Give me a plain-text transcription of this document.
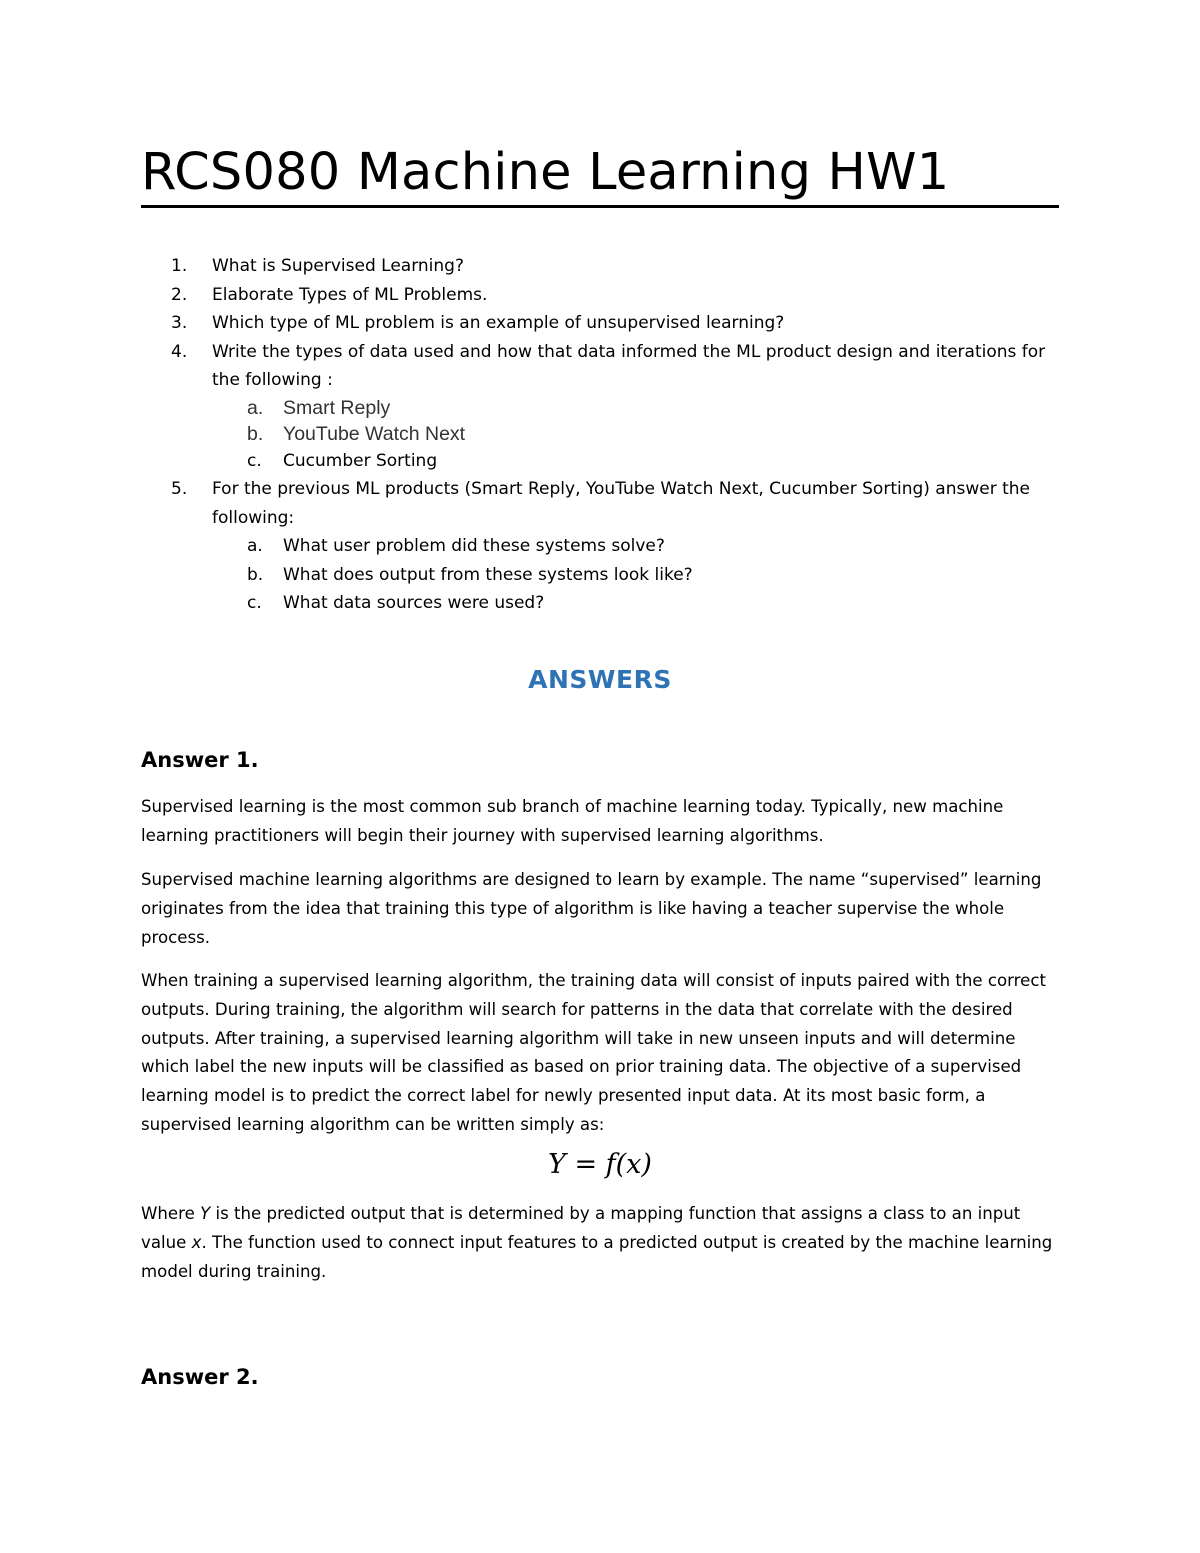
RCS080 Machine Learning HW1
1.	What is Supervised Learning?
2.	Elaborate Types of ML Problems.
3.	Which type of ML problem is an example of unsupervised learning?
4.	Write the types of data used and how that data informed the ML product design and iterations for the following :
a. Smart Reply
b. YouTube Watch Next
c. Cucumber Sorting
5.	For the previous ML products (Smart Reply, YouTube Watch Next, Cucumber Sorting) answer the following:
a. What user problem did these systems solve?
b. What does output from these systems look like?
c. What data sources were used?
ANSWERS
Answer 1.
Supervised learning is the most common sub branch of machine learning today. Typically, new machine learning practitioners will begin their journey with supervised learning algorithms.
Supervised machine learning algorithms are designed to learn by example. The name “supervised” learning originates from the idea that training this type of algorithm is like having a teacher supervise the whole process.
When training a supervised learning algorithm, the training data will consist of inputs paired with the correct outputs. During training, the algorithm will search for patterns in the data that correlate with the desired outputs. After training, a supervised learning algorithm will take in new unseen inputs and will determine which label the new inputs will be classified as based on prior training data. The objective of a supervised learning model is to predict the correct label for newly presented input data. At its most basic form, a supervised learning algorithm can be written simply as:
Y = f(x)
Where Y is the predicted output that is determined by a mapping function that assigns a class to an input value x. The function used to connect input features to a predicted output is created by the machine learning model during training.
Answer 2.
